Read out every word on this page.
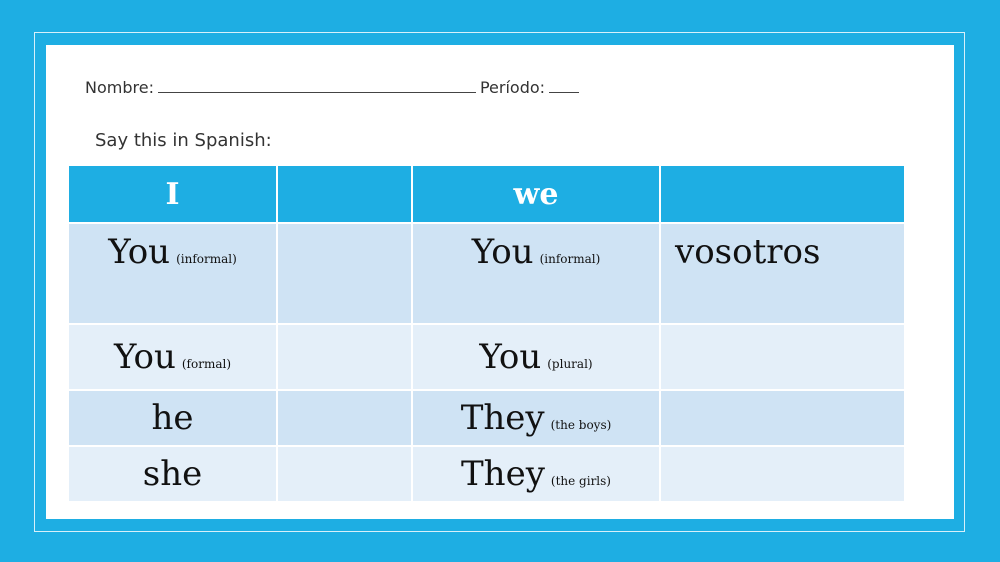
Nombre:	Período:
Say this in Spanish:
I		we	
You (informal)		You (informal)	vosotros
You (formal)		You (plural)	
he		They (the boys)	
she		They (the girls)	
